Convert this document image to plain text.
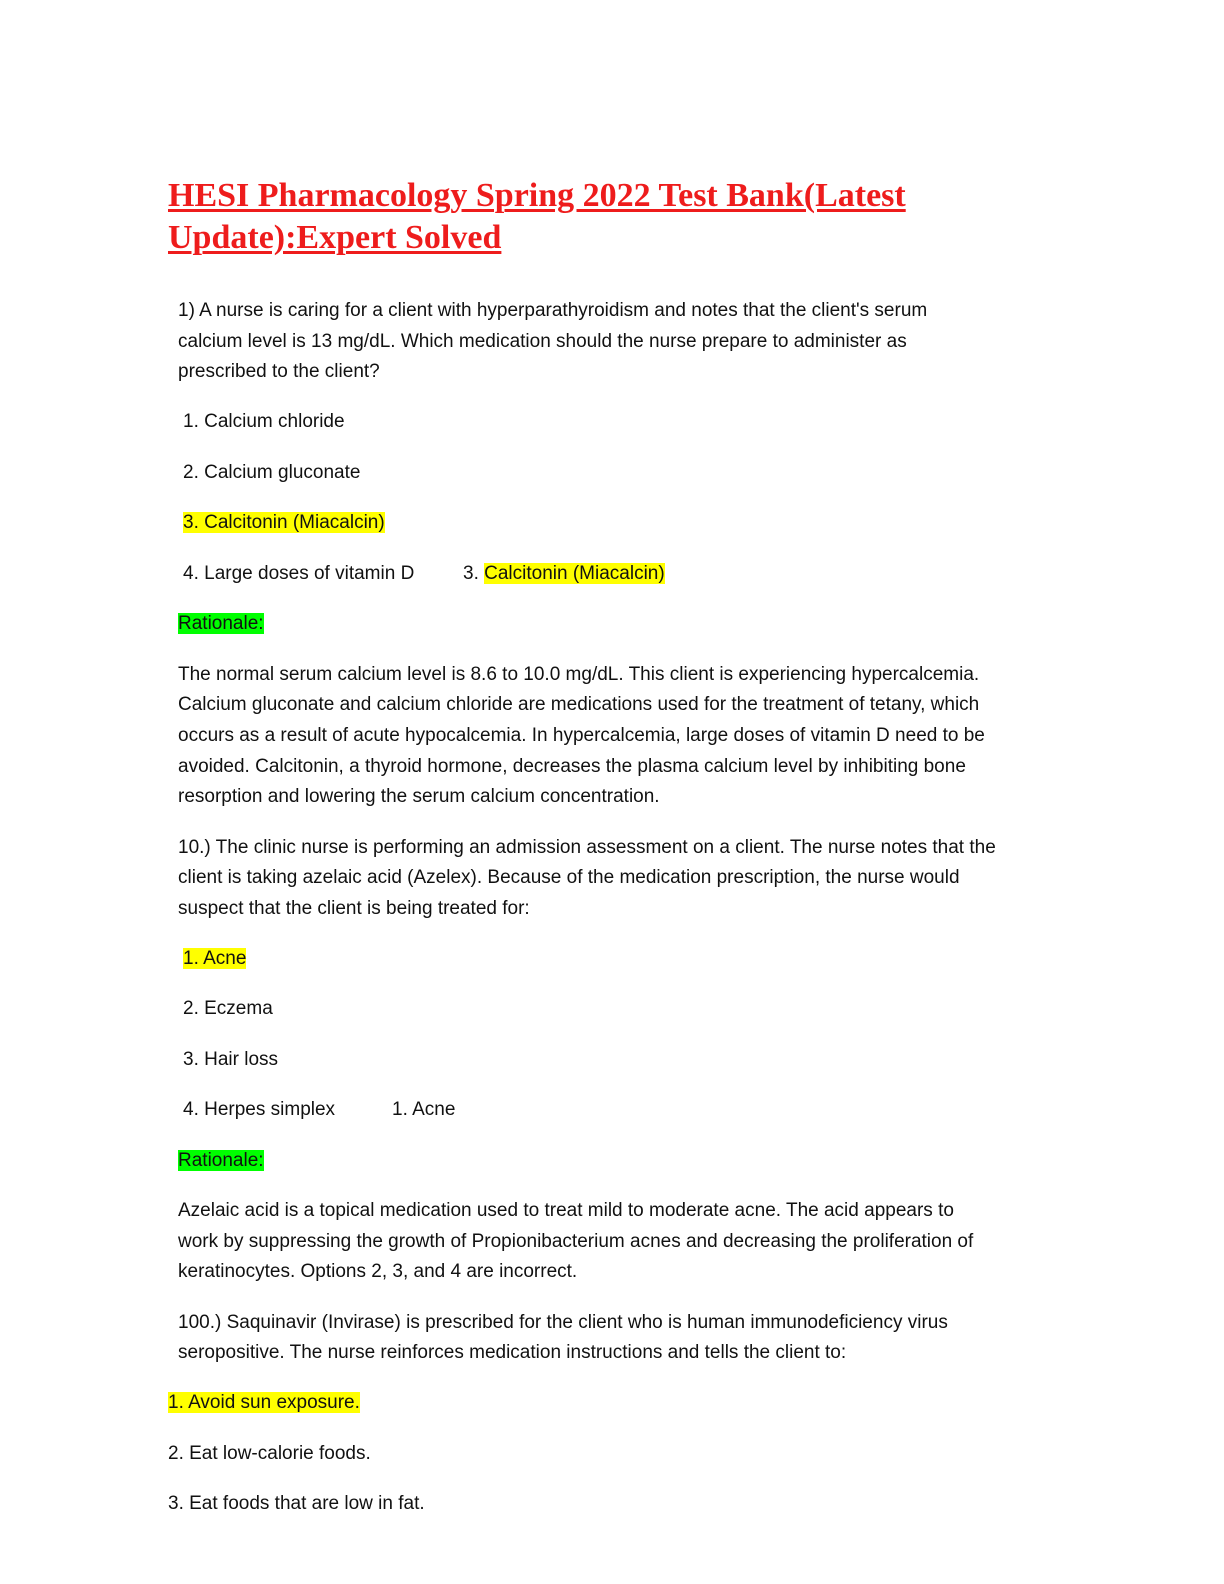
HESI Pharmacology Spring 2022 Test Bank(Latest
Update):Expert Solved

1) A nurse is caring for a client with hyperparathyroidism and notes that the client's serum

calcium level is 13 mg/dL. Which medication should the nurse prepare to administer as

prescribed to the client?

1. Calcium chloride

2. Calcium gluconate

3. Calcitonin (Miacalcin)

4. Large doses of vitamin D	3. Calcitonin (Miacalcin)

Rationale:

The normal serum calcium level is 8.6 to 10.0 mg/dL. This client is experiencing hypercalcemia.

Calcium gluconate and calcium chloride are medications used for the treatment of tetany, which

occurs as a result of acute hypocalcemia. In hypercalcemia, large doses of vitamin D need to be

avoided. Calcitonin, a thyroid hormone, decreases the plasma calcium level by inhibiting bone

resorption and lowering the serum calcium concentration.

10.) The clinic nurse is performing an admission assessment on a client. The nurse notes that the

client is taking azelaic acid (Azelex). Because of the medication prescription, the nurse would

suspect that the client is being treated for:

1. Acne

2. Eczema

3. Hair loss

4. Herpes simplex	1. Acne

Rationale:

Azelaic acid is a topical medication used to treat mild to moderate acne. The acid appears to

work by suppressing the growth of Propionibacterium acnes and decreasing the proliferation of

keratinocytes. Options 2, 3, and 4 are incorrect.

100.) Saquinavir (Invirase) is prescribed for the client who is human immunodeficiency virus

seropositive. The nurse reinforces medication instructions and tells the client to:

1. Avoid sun exposure.

2. Eat low-calorie foods.

3. Eat foods that are low in fat.
